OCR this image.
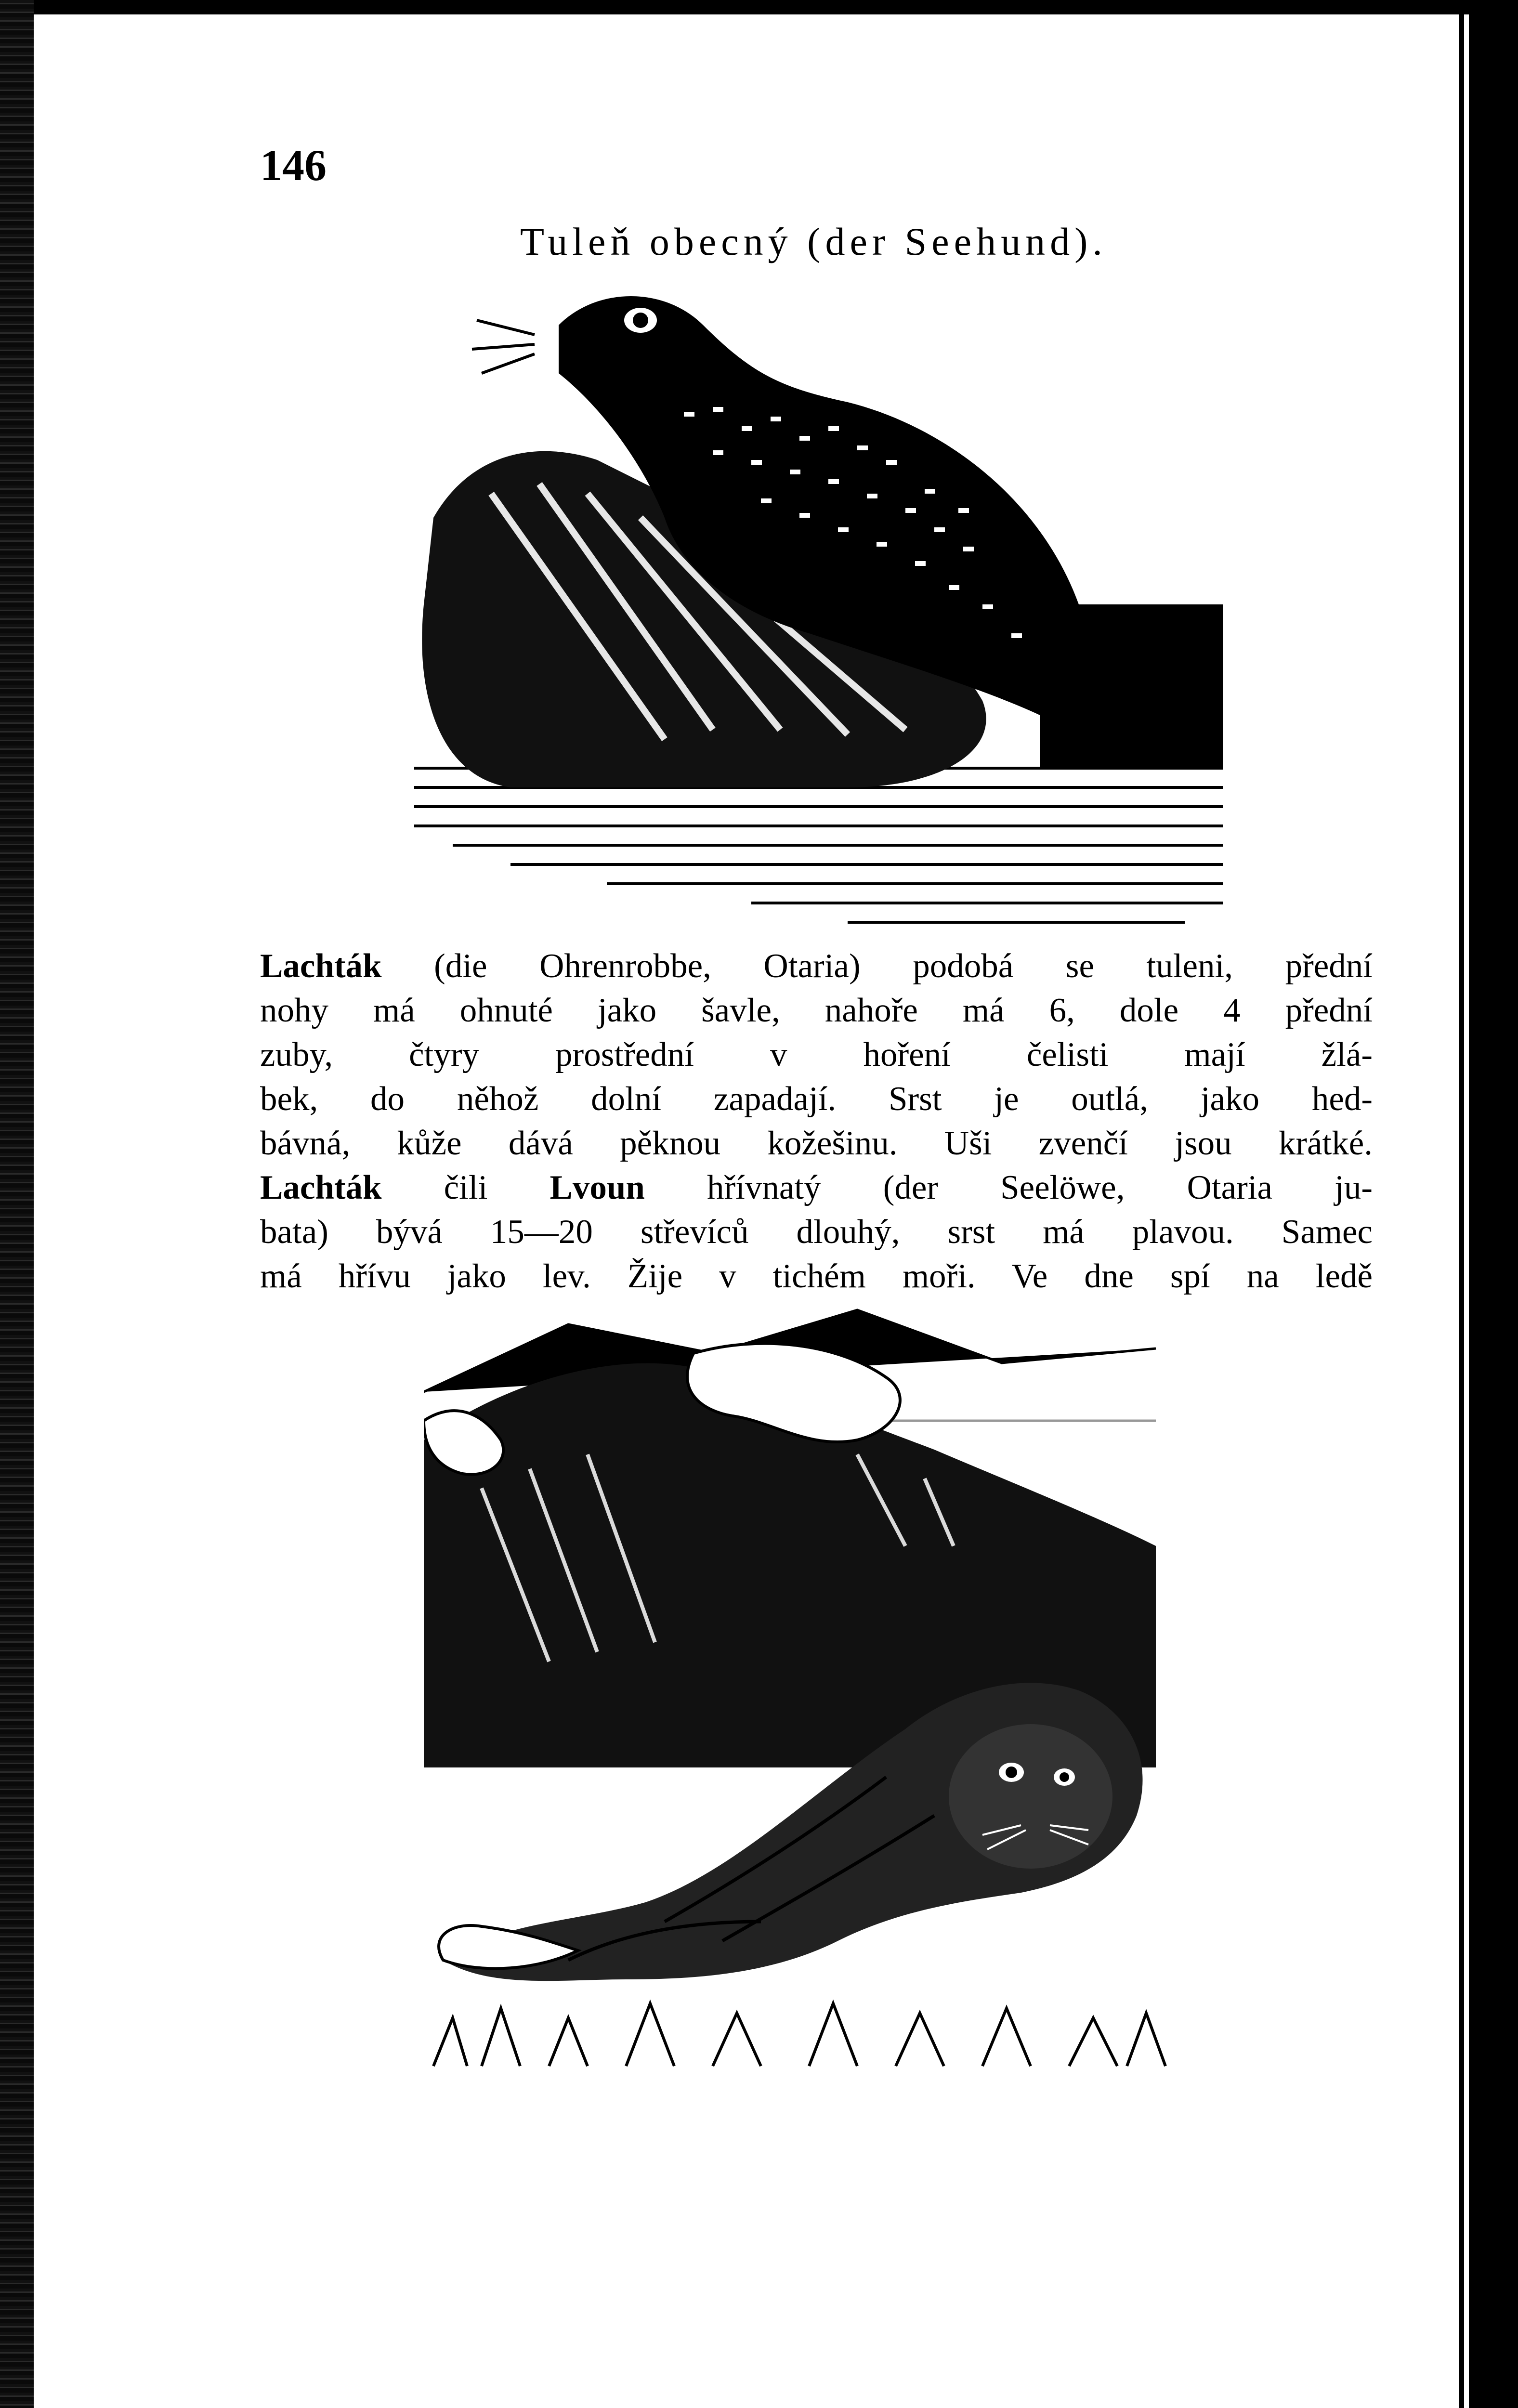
146
Tuleň obecný (der Seehund).
Lachták (die Ohrenrobbe, Otaria) podobá se tuleni, přední
nohy má ohnuté jako šavle, nahoře má 6, dole 4 přední
zuby, čtyry prostřední v hoření čelisti mají žlá-
bek, do něhož dolní zapadají. Srst je outlá, jako hed-
bávná, kůže dává pěknou kožešinu. Uši zvenčí jsou krátké.
Lachták čili Lvoun hřívnatý (der Seelöwe, Otaria ju-
bata) bývá 15—20 střevíců dlouhý, srst má plavou. Samec
má hřívu jako lev. Žije v tichém moři. Ve dne spí na ledě
